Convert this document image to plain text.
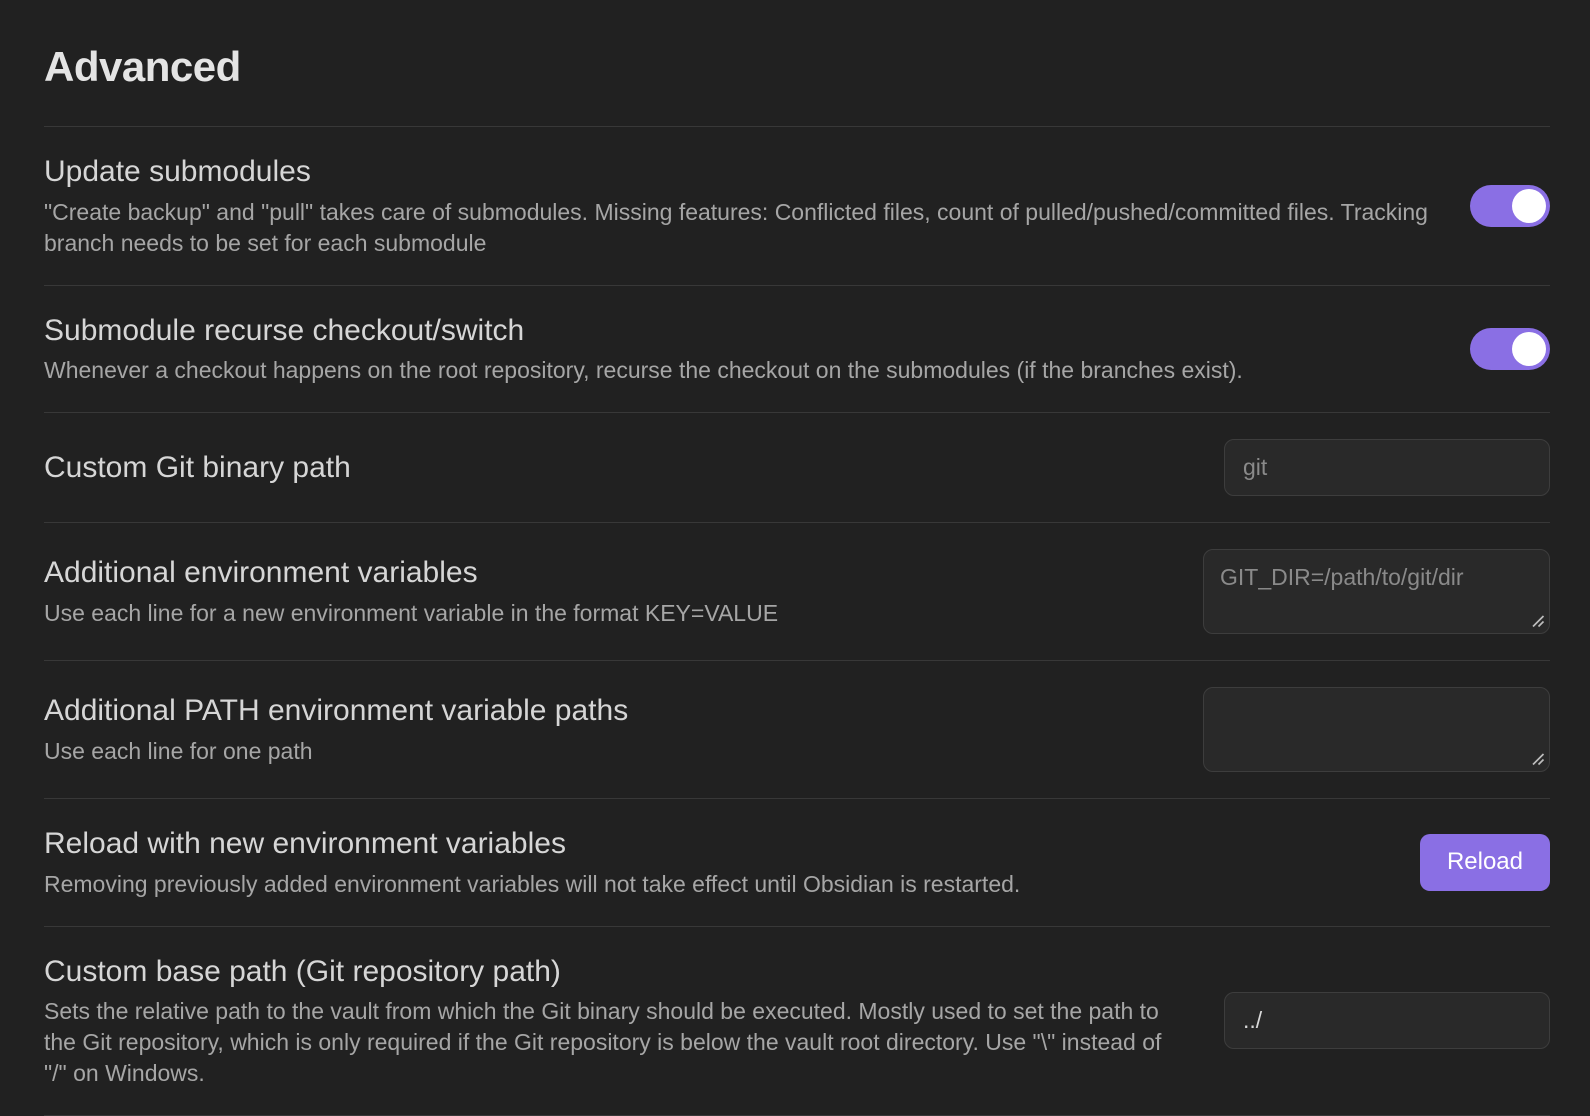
Advanced
Update submodules
"Create backup" and "pull" takes care of submodules. Missing features: Conflicted files, count of pulled/pushed/committed files. Tracking branch needs to be set for each submodule
Submodule recurse checkout/switch
Whenever a checkout happens on the root repository, recurse the checkout on the submodules (if the branches exist).
Custom Git binary path
git
Additional environment variables
Use each line for a new environment variable in the format KEY=VALUE
GIT_DIR=/path/to/git/dir
Additional PATH environment variable paths
Use each line for one path
Reload with new environment variables
Removing previously added environment variables will not take effect until Obsidian is restarted.
Reload
Custom base path (Git repository path)
Sets the relative path to the vault from which the Git binary should be executed. Mostly used to set the path to the Git repository, which is only required if the Git repository is below the vault root directory. Use "\" instead of "/" on Windows.
../
